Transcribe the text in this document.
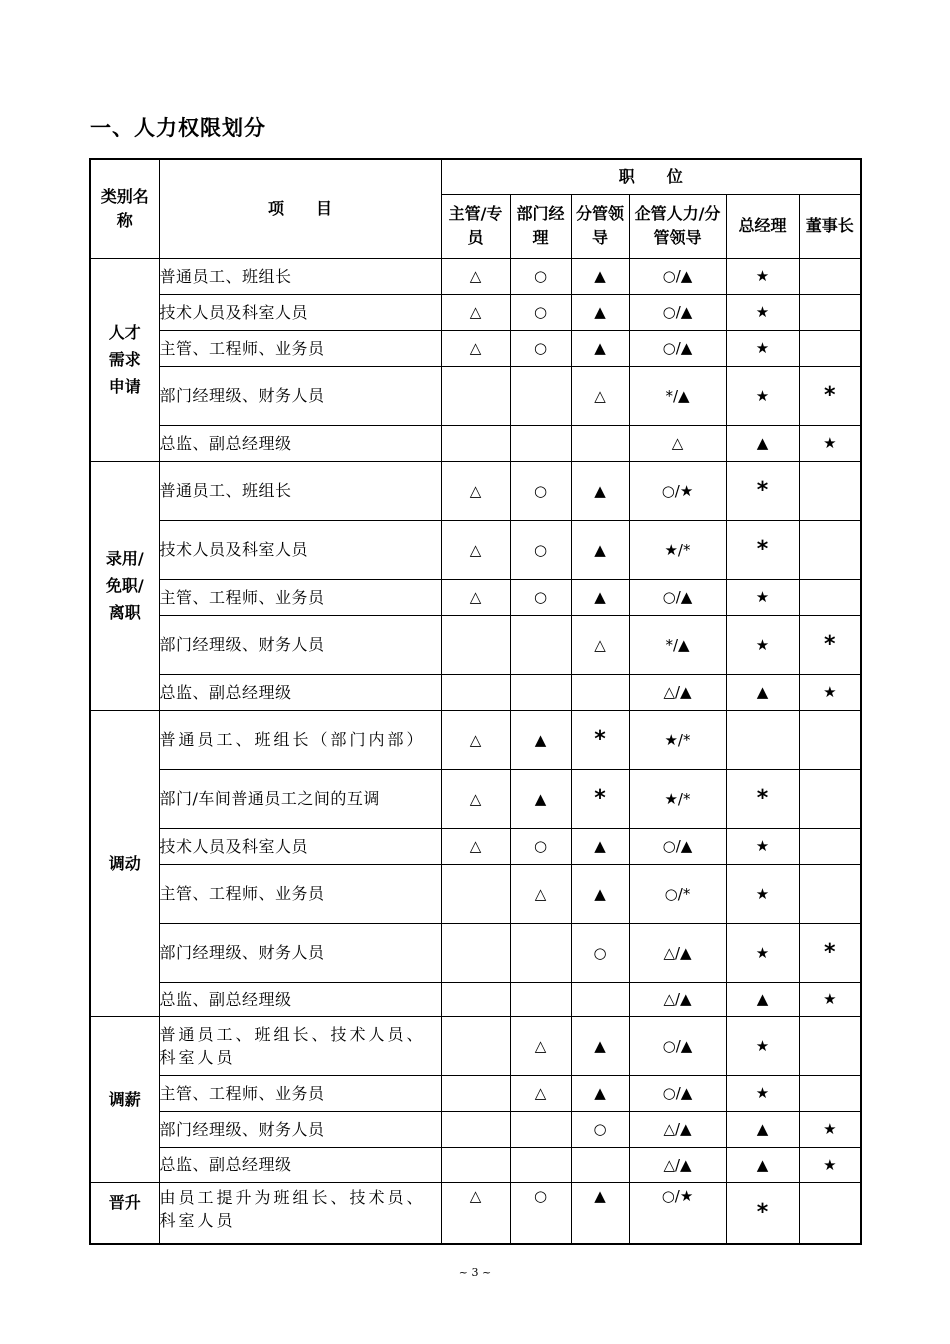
一、人力权限划分
类别名称	项　　目	职　　位					
		主管/专员	部门经理	分管领导	企管人力/分管领导	总经理	董事长
人才需求申请	普通员工、班组长	△	○	▲	○/▲	★	
	技术人员及科室人员	△	○	▲	○/▲	★	
	主管、工程师、业务员	△	○	▲	○/▲	★	
	部门经理级、财务人员			△	*/▲	★	*
	总监、副总经理级				△	▲	★
录用/免职/离职	普通员工、班组长	△	○	▲	○/★	*	
	技术人员及科室人员	△	○	▲	★/*	*	
	主管、工程师、业务员	△	○	▲	○/▲	★	
	部门经理级、财务人员			△	*/▲	★	*
	总监、副总经理级				△/▲	▲	★
调动	普通员工、班组长（部门内部）	△	▲	*	★/*		
	部门/车间普通员工之间的互调	△	▲	*	★/*	*	
	技术人员及科室人员	△	○	▲	○/▲	★	
	主管、工程师、业务员		△	▲	○/*	★	
	部门经理级、财务人员			○	△/▲	★	*
	总监、副总经理级				△/▲	▲	★
调薪	普通员工、班组长、技术人员、科室人员		△	▲	○/▲	★	
	主管、工程师、业务员		△	▲	○/▲	★	
	部门经理级、财务人员			○	△/▲	▲	★
	总监、副总经理级				△/▲	▲	★
晋升	由员工提升为班组长、技术员、科室人员	△	○	▲	○/★	*	
~ 3 ~
